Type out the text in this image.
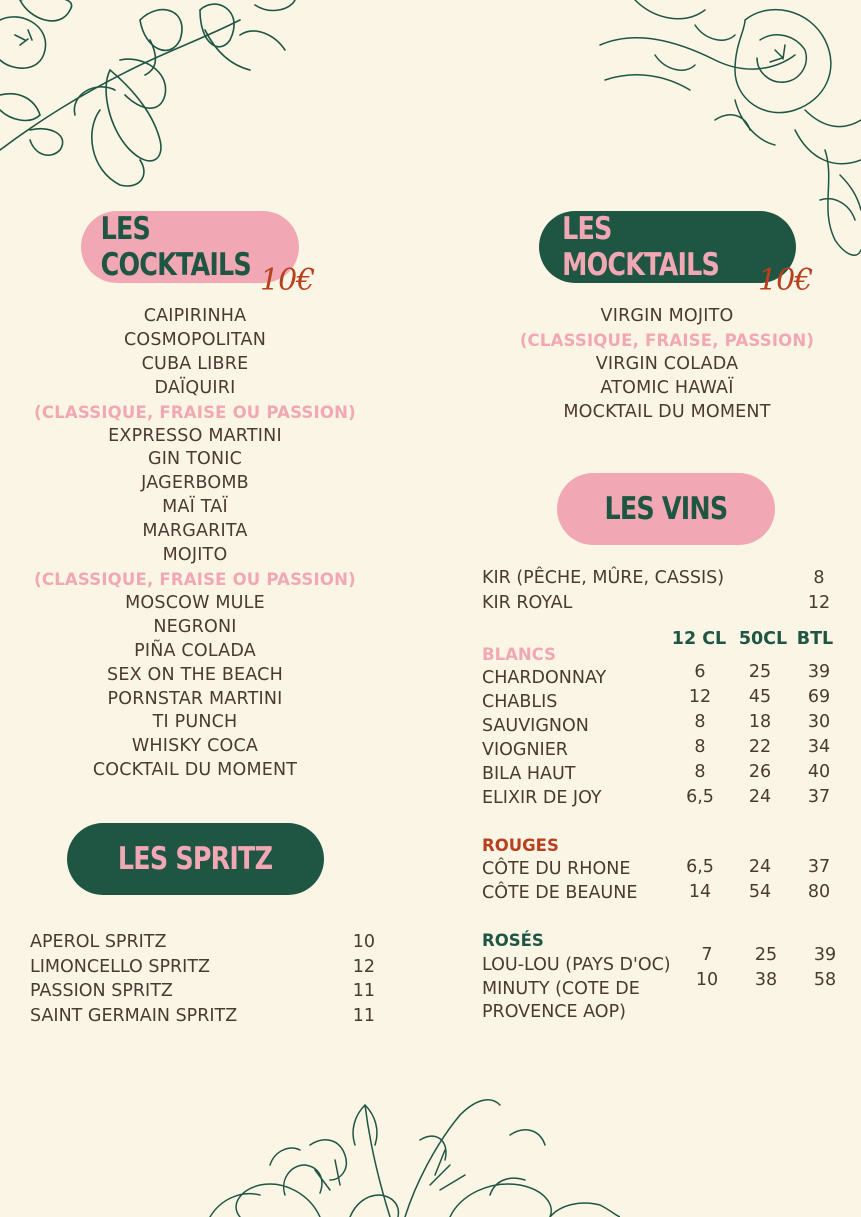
LES COCKTAILS 10€
CAIPIRINHA
COSMOPOLITAN
CUBA LIBRE
DAÏQUIRI
(CLASSIQUE, FRAISE OU PASSION)
EXPRESSO MARTINI
GIN TONIC
JAGERBOMB
MAÏ TAÏ
MARGARITA
MOJITO
(CLASSIQUE, FRAISE OU PASSION)
MOSCOW MULE
NEGRONI
PIÑA COLADA
SEX ON THE BEACH
PORNSTAR MARTINI
TI PUNCH
WHISKY COCA
COCKTAIL DU MOMENT
LES SPRITZ
APEROL SPRITZ	10
LIMONCELLO SPRITZ	12
PASSION SPRITZ	11
SAINT GERMAIN SPRITZ	11
LES MOCKTAILS	10€
VIRGIN MOJITO
(CLASSIQUE, FRAISE, PASSION)
VIRGIN COLADA
ATOMIC HAWAÏ
MOCKTAIL DU MOMENT
LES VINS
KIR (PÊCHE, MÛRE, CASSIS)	8
KIR ROYAL	12
12 CL 50CL BTL
BLANCS
CHARDONNAY	6	25	39
CHABLIS	12	45	69
SAUVIGNON	8	18	30
VIOGNIER	8	22	34
BILA HAUT	8	26	40
ELIXIR DE JOY	6,5	24	37
ROUGES
CÔTE DU RHONE	6,5	24	37
CÔTE DE BEAUNE	14	54	80
ROSÉS
LOU-LOU (PAYS D'OC)	7	25	39
MINUTY (COTE DE
PROVENCE AOP)
10	38	58
